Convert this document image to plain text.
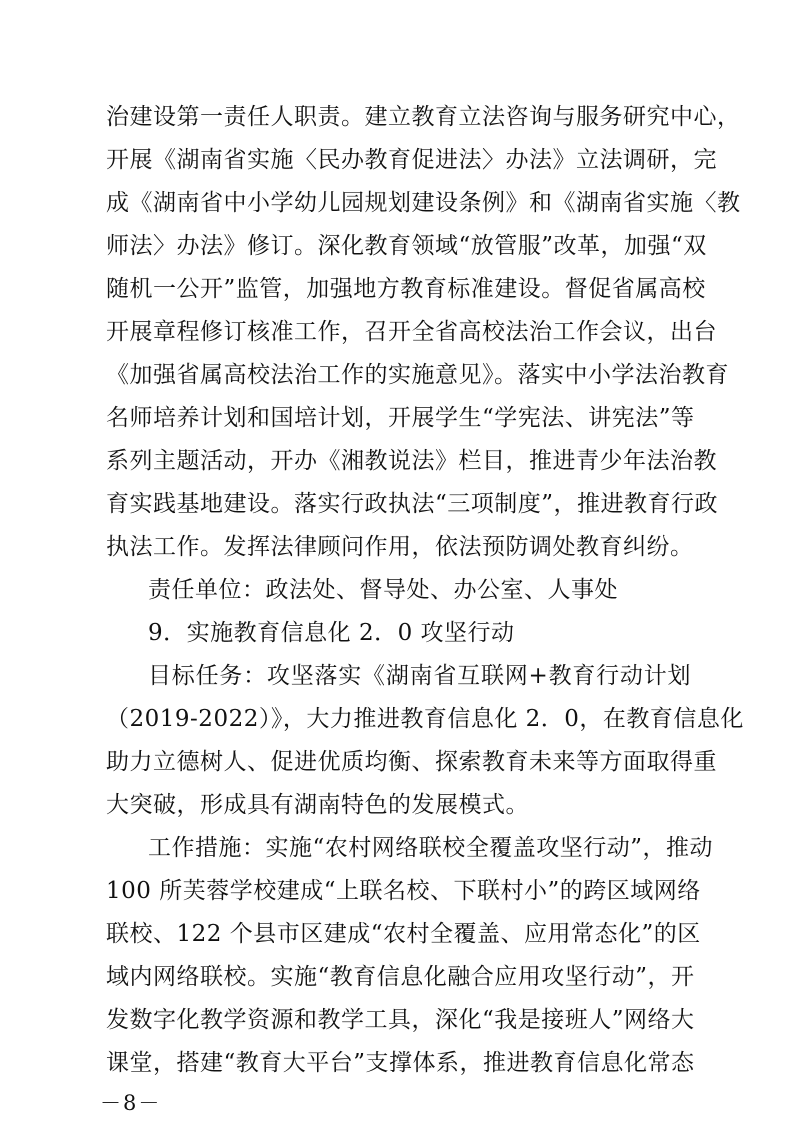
治建设第一责任人职责。建立教育立法咨询与服务研究中心，
开展《湖南省实施〈民办教育促进法〉办法》立法调研，完
成《湖南省中小学幼儿园规划建设条例》和《湖南省实施〈教
师法〉办法》修订。深化教育领域“放管服”改革，加强“双
随机一公开”监管，加强地方教育标准建设。督促省属高校
开展章程修订核准工作，召开全省高校法治工作会议，出台
《加强省属高校法治工作的实施意见》。落实中小学法治教育
名师培养计划和国培计划，开展学生“学宪法、讲宪法”等
系列主题活动，开办《湘教说法》栏目，推进青少年法治教
育实践基地建设。落实行政执法“三项制度”，推进教育行政
执法工作。发挥法律顾问作用，依法预防调处教育纠纷。
责任单位：政法处、督导处、办公室、人事处
9．实施教育信息化 2．0 攻坚行动
目标任务：攻坚落实《湖南省互联网+教育行动计划
（2019-2022）》，大力推进教育信息化 2．0，在教育信息化
助力立德树人、促进优质均衡、探索教育未来等方面取得重
大突破，形成具有湖南特色的发展模式。
工作措施：实施“农村网络联校全覆盖攻坚行动”，推动
100 所芙蓉学校建成“上联名校、下联村小”的跨区域网络
联校、122 个县市区建成“农村全覆盖、应用常态化”的区
域内网络联校。实施“教育信息化融合应用攻坚行动”，开
发数字化教学资源和教学工具，深化“我是接班人”网络大
课堂，搭建“教育大平台”支撑体系，推进教育信息化常态
－8－
